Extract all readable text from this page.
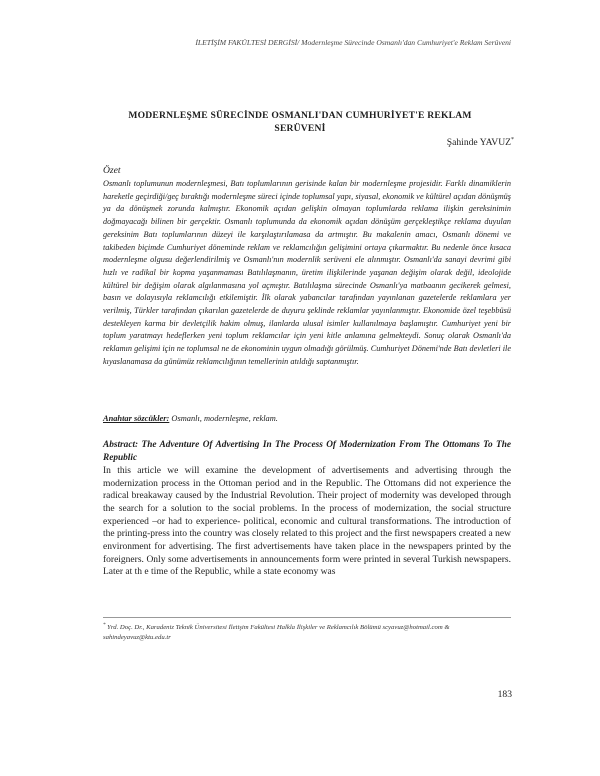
İLETİŞİM FAKÜLTESİ DERGİSİ/ Modernleşme Sürecinde Osmanlı'dan Cumhuriyet'e Reklam Serüveni
MODERNLEŞME SÜRECİNDE OSMANLI'DAN CUMHURİYET'E REKLAM SERÜVENİ
Şahinde YAVUZ*
Özet

Osmanlı toplumunun modernleşmesi, Batı toplumlarının gerisinde kalan bir modernleşme projesidir. Farklı dinamiklerin hareketle geçirdiği/geç bıraktığı modernleşme süreci içinde toplumsal yapı, siyasal, ekonomik ve kültürel açıdan dönüşmüş ya da dönüşmek zorunda kalmıştır. Ekonomik açıdan gelişkin olmayan toplumlarda reklama ilişkin gereksinimin doğmayacağı bilinen bir gerçektir. Osmanlı toplumunda da ekonomik açıdan dönüşüm gerçekleştikçe reklama duyulan gereksinim Batı toplumlarının düzeyi ile karşılaştırılamasa da artmıştır. Bu makalenin amacı, Osmanlı dönemi ve takibeden biçimde Cumhuriyet döneminde reklam ve reklamcılığın gelişimini ortaya çıkarmaktır. Bu nedenle önce kısaca modernleşme olgusu değerlendirilmiş ve Osmanlı'nın modernlik serüveni ele alınmıştır. Osmanlı'da sanayi devrimi gibi hızlı ve radikal bir kopma yaşanmaması Batılılaşmanın, üretim ilişkilerinde yaşanan değişim olarak değil, ideolojide kültürel bir değişim olarak algılanmasına yol açmıştır. Batılılaşma sürecinde Osmanlı'ya matbaanın gecikerek gelmesi, basın ve dolayısıyla reklamcılığı etkilemiştir. İlk olarak yabancılar tarafından yayınlanan gazetelerde reklamlara yer verilmiş, Türkler tarafından çıkarılan gazetelerde de duyuru şeklinde reklamlar yayınlanmıştır. Ekonomide özel teşebbüsü destekleyen karma bir devletçilik hakim olmuş, ilanlarda ulusal isimler kullanılmaya başlamıştır. Cumhuriyet yeni bir toplum yaratmayı hedeflerken yeni toplum reklamcılar için yeni kitle anlamına gelmekteydi. Sonuç olarak Osmanlı'da reklamın gelişimi için ne toplumsal ne de ekonominin uygun olmadığı görülmüş. Cumhuriyet Dönemi'nde Batı devletleri ile kıyaslanamasa da günümüz reklamcılığının temellerinin atıldığı saptanmıştır.

Anahtar sözcükler: Osmanlı, modernleşme, reklam.

Abstract: The Adventure Of Advertising In The Process Of Modernization From The Ottomans To The Republic

In this article we will examine the development of advertisements and advertising through the modernization process in the Ottoman period and in the Republic. The Ottomans did not experience the radical breakaway caused by the Industrial Revolution. Their project of modernity was developed through the search for a solution to the social problems. In the process of modernization, the social structure experienced –or had to experience- political, economic and cultural transformations. The introduction of the printing-press into the country was closely related to this project and the first newspapers created a new environment for advertising. The first advertisements have taken place in the newspapers printed by the foreigners. Only some advertisements in announcements form were printed in several Turkish newspapers. Later at th e time of the Republic, while a state economy was

* Yrd. Doç. Dr., Karadeniz Teknik Üniversitesi İletişim Fakültesi Halkla İlişkiler ve Reklamcılık Bölümü scyavuz@hotmail.com & sahindeyavuz@ktu.edu.tr

183
